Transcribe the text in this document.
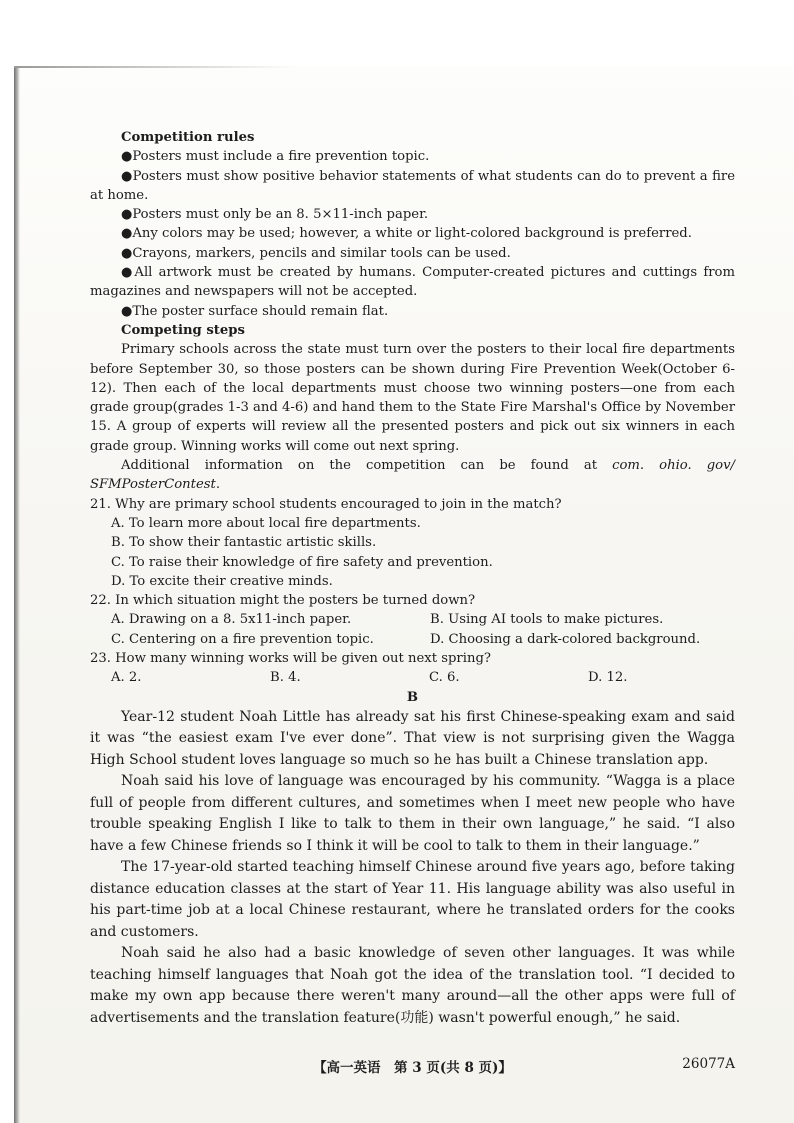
Competition rules
●Posters must include a fire prevention topic.
●Posters must show positive behavior statements of what students can do to prevent a fire at home.
●Posters must only be an 8. 5×11-inch paper.
●Any colors may be used; however, a white or light-colored background is preferred.
●Crayons, markers, pencils and similar tools can be used.
●All artwork must be created by humans. Computer-created pictures and cuttings from magazines and newspapers will not be accepted.
●The poster surface should remain flat.
Competing steps
Primary schools across the state must turn over the posters to their local fire departments before September 30, so those posters can be shown during Fire Prevention Week(October 6-12). Then each of the local departments must choose two winning posters—one from each grade group(grades 1-3 and 4-6) and hand them to the State Fire Marshal's Office by November 15. A group of experts will review all the presented posters and pick out six winners in each grade group. Winning works will come out next spring.
Additional information on the competition can be found at com. ohio. gov/ SFMPosterContest.
21. Why are primary school students encouraged to join in the match?
A. To learn more about local fire departments.
B. To show their fantastic artistic skills.
C. To raise their knowledge of fire safety and prevention.
D. To excite their creative minds.
22. In which situation might the posters be turned down?
A. Drawing on a 8. 5x11-inch paper.	B. Using AI tools to make pictures.
C. Centering on a fire prevention topic.	D. Choosing a dark-colored background.
23. How many winning works will be given out next spring?
A. 2.	B. 4.	C. 6.	D. 12.
B
Year-12 student Noah Little has already sat his first Chinese-speaking exam and said it was “the easiest exam I've ever done”. That view is not surprising given the Wagga High School student loves language so much so he has built a Chinese translation app.
Noah said his love of language was encouraged by his community. “Wagga is a place full of people from different cultures, and sometimes when I meet new people who have trouble speaking English I like to talk to them in their own language,” he said. “I also have a few Chinese friends so I think it will be cool to talk to them in their language.”
The 17-year-old started teaching himself Chinese around five years ago, before taking distance education classes at the start of Year 11. His language ability was also useful in his part-time job at a local Chinese restaurant, where he translated orders for the cooks and customers.
Noah said he also had a basic knowledge of seven other languages. It was while teaching himself languages that Noah got the idea of the translation tool. “I decided to make my own app because there weren't many around—all the other apps were full of advertisements and the translation feature(功能) wasn't powerful enough,” he said.
【高一英语　第 3 页(共 8 页)】	26077A
